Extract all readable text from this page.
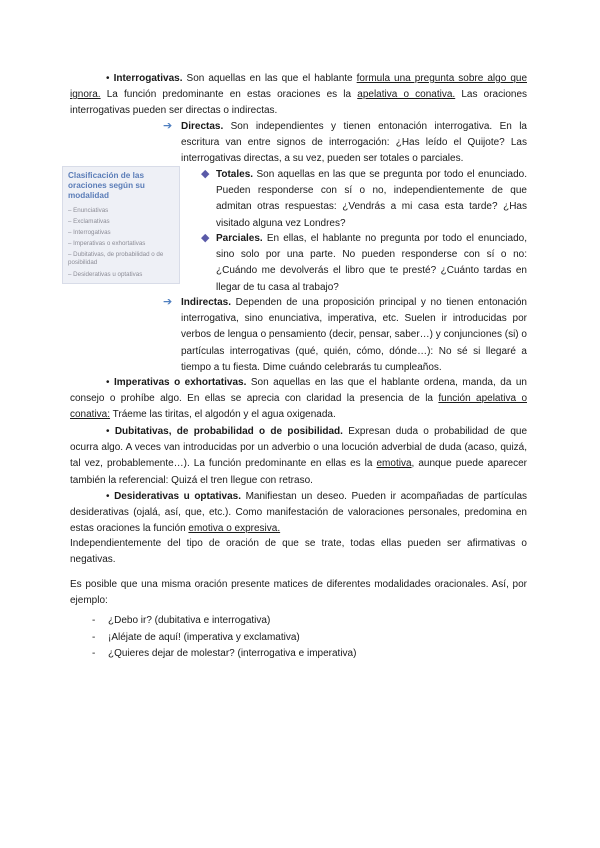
• Interrogativas. Son aquellas en las que el hablante formula una pregunta sobre algo que ignora. La función predominante en estas oraciones es la apelativa o conativa. Las oraciones interrogativas pueden ser directas o indirectas.
➔ Directas. Son independientes y tienen entonación interrogativa. En la escritura van entre signos de interrogación: ¿Has leído el Quijote? Las interrogativas directas, a su vez, pueden ser totales o parciales.
Clasificación de las oraciones según su modalidad
– Enunciativas
– Exclamativas
– Interrogativas
– Imperativas o exhortativas
– Dubitativas, de probabilidad o de posibilidad
– Desiderativas u optativas
◆ Totales. Son aquellas en las que se pregunta por todo el enunciado. Pueden responderse con sí o no, independientemente de que admitan otras respuestas: ¿Vendrás a mi casa esta tarde? ¿Has visitado alguna vez Londres?
◆ Parciales. En ellas, el hablante no pregunta por todo el enunciado, sino solo por una parte. No pueden responderse con sí o no: ¿Cuándo me devolverás el libro que te presté? ¿Cuánto tardas en llegar de tu casa al trabajo?
➔ Indirectas. Dependen de una proposición principal y no tienen entonación interrogativa, sino enunciativa, imperativa, etc. Suelen ir introducidas por verbos de lengua o pensamiento (decir, pensar, saber…) y conjunciones (si) o partículas interrogativas (qué, quién, cómo, dónde…): No sé si llegaré a tiempo a tu fiesta. Dime cuándo celebrarás tu cumpleaños.
• Imperativas o exhortativas. Son aquellas en las que el hablante ordena, manda, da un consejo o prohíbe algo. En ellas se aprecia con claridad la presencia de la función apelativa o conativa: Tráeme las tiritas, el algodón y el agua oxigenada.
• Dubitativas, de probabilidad o de posibilidad. Expresan duda o probabilidad de que ocurra algo. A veces van introducidas por un adverbio o una locución adverbial de duda (acaso, quizá, tal vez, probablemente…). La función predominante en ellas es la emotiva, aunque puede aparecer también la referencial: Quizá el tren llegue con retraso.
• Desiderativas u optativas. Manifiestan un deseo. Pueden ir acompañadas de partículas desiderativas (ojalá, así, que, etc.). Como manifestación de valoraciones personales, predomina en estas oraciones la función emotiva o expresiva.
Independientemente del tipo de oración de que se trate, todas ellas pueden ser afirmativas o negativas.
Es posible que una misma oración presente matices de diferentes modalidades oracionales. Así, por ejemplo:
- ¿Debo ir? (dubitativa e interrogativa)
- ¡Aléjate de aquí! (imperativa y exclamativa)
- ¿Quieres dejar de molestar? (interrogativa e imperativa)
